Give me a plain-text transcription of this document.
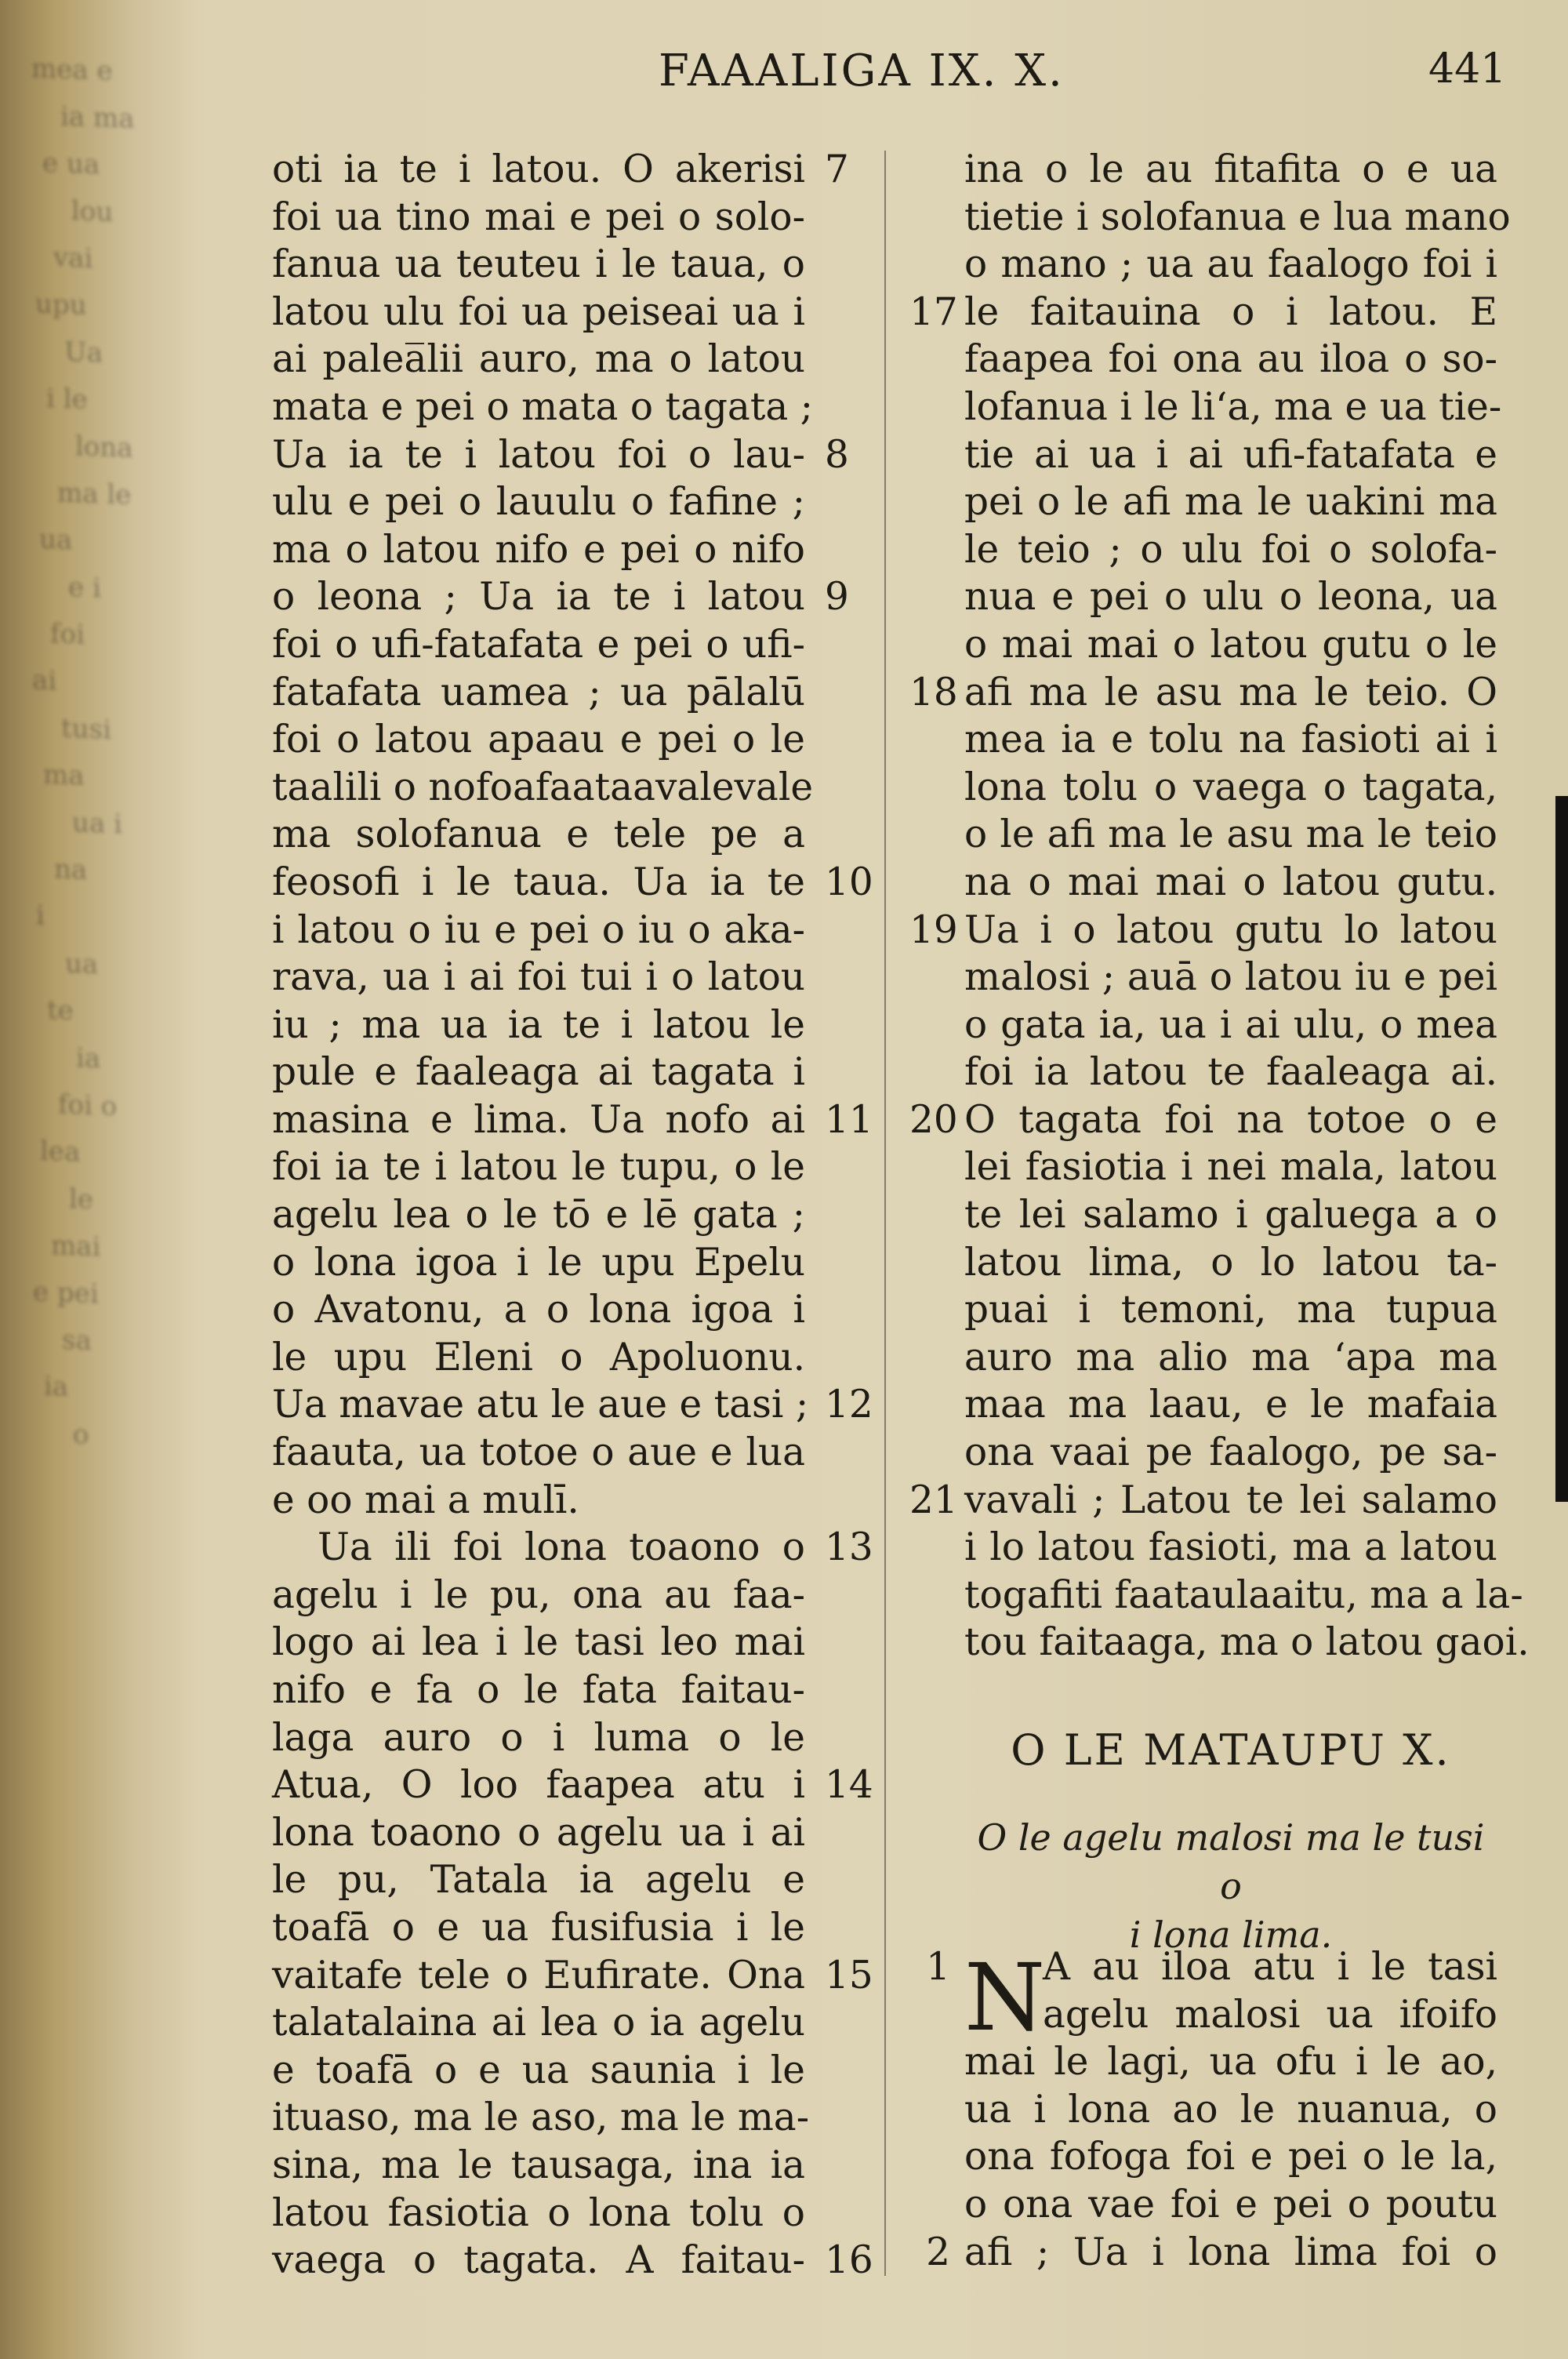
mea e
ia ma
e ua
lou
vai
upu
Ua
i le
lona
ma le
ua
e i
foi
ai
tusi
ma
ua i
na
i
ua
te
ia
foi o
lea
le
mai
e pei
sa
ia
o
FAAALIGA IX. X.	441
oti ia te i latou. O akerisi 7
foi ua tino mai e pei o solo-
fanua ua teuteu i le taua, o
latou ulu foi ua peiseai ua i
ai palea̅lii auro, ma o latou
mata e pei o mata o tagata ;
Ua ia te i latou foi o lau- 8
ulu e pei o lauulu o fafine ;
ma o latou nifo e pei o nifo
o leona ; Ua ia te i latou 9
foi o ufi-fatafata e pei o ufi-
fatafata uamea ; ua pālalū
foi o latou apaau e pei o le
taalili o nofoafaataavalevale
ma solofanua e tele pe a
feosofi i le taua. Ua ia te 10
i latou o iu e pei o iu o aka-
rava, ua i ai foi tui i o latou
iu ; ma ua ia te i latou le
pule e faaleaga ai tagata i
masina e lima. Ua nofo ai 11
foi ia te i latou le tupu, o le
agelu lea o le tō e lē gata ;
o lona igoa i le upu Epelu
o Avatonu, a o lona igoa i
le upu Eleni o Apoluonu.
Ua mavae atu le aue e tasi ; 12
faauta, ua totoe o aue e lua
e oo mai a mulī.
Ua ili foi lona toaono o 13
agelu i le pu, ona au faa-
logo ai lea i le tasi leo mai
nifo e fa o le fata faitau-
laga auro o i luma o le
Atua, O loo faapea atu i 14
lona toaono o agelu ua i ai
le pu, Tatala ia agelu e
toafā o e ua fusifusia i le
vaitafe tele o Eufirate. Ona 15
talatalaina ai lea o ia agelu
e toafā o e ua saunia i le
ituaso, ma le aso, ma le ma-
sina, ma le tausaga, ina ia
latou fasiotia o lona tolu o
vaega o tagata. A faitau- 16
ina o le au fitafita o e ua
tietie i solofanua e lua mano
o mano ; ua au faalogo foi i
le faitauina o i latou. E
17
faapea foi ona au iloa o so-
lofanua i le liʻa, ma e ua tie-
tie ai ua i ai ufi-fatafata e
pei o le afi ma le uakini ma
le teio ; o ulu foi o solofa-
nua e pei o ulu o leona, ua
o mai mai o latou gutu o le
afi ma le asu ma le teio. O
18
mea ia e tolu na fasioti ai i
lona tolu o vaega o tagata,
o le afi ma le asu ma le teio
na o mai mai o latou gutu.
Ua i o latou gutu lo latou
19
malosi ; auā o latou iu e pei
o gata ia, ua i ai ulu, o mea
foi ia latou te faaleaga ai.
O tagata foi na totoe o e
20
lei fasiotia i nei mala, latou
te lei salamo i galuega a o
latou lima, o lo latou ta-
puai i temoni, ma tupua
auro ma alio ma ʻapa ma
maa ma laau, e le mafaia
ona vaai pe faalogo, pe sa-
vavali ; Latou te lei salamo
21
i lo latou fasioti, ma a latou
togafiti faataulaaitu, ma a la-
tou faitaaga, ma o latou gaoi.
O LE MATAUPU X.
O le agelu malosi ma le tusi o
i lona lima.
N
A au iloa atu i le tasi
1
agelu malosi ua ifoifo
mai le lagi, ua ofu i le ao,
ua i lona ao le nuanua, o
ona fofoga foi e pei o le la,
o ona vae foi e pei o poutu
afi ; Ua i lona lima foi o
2
